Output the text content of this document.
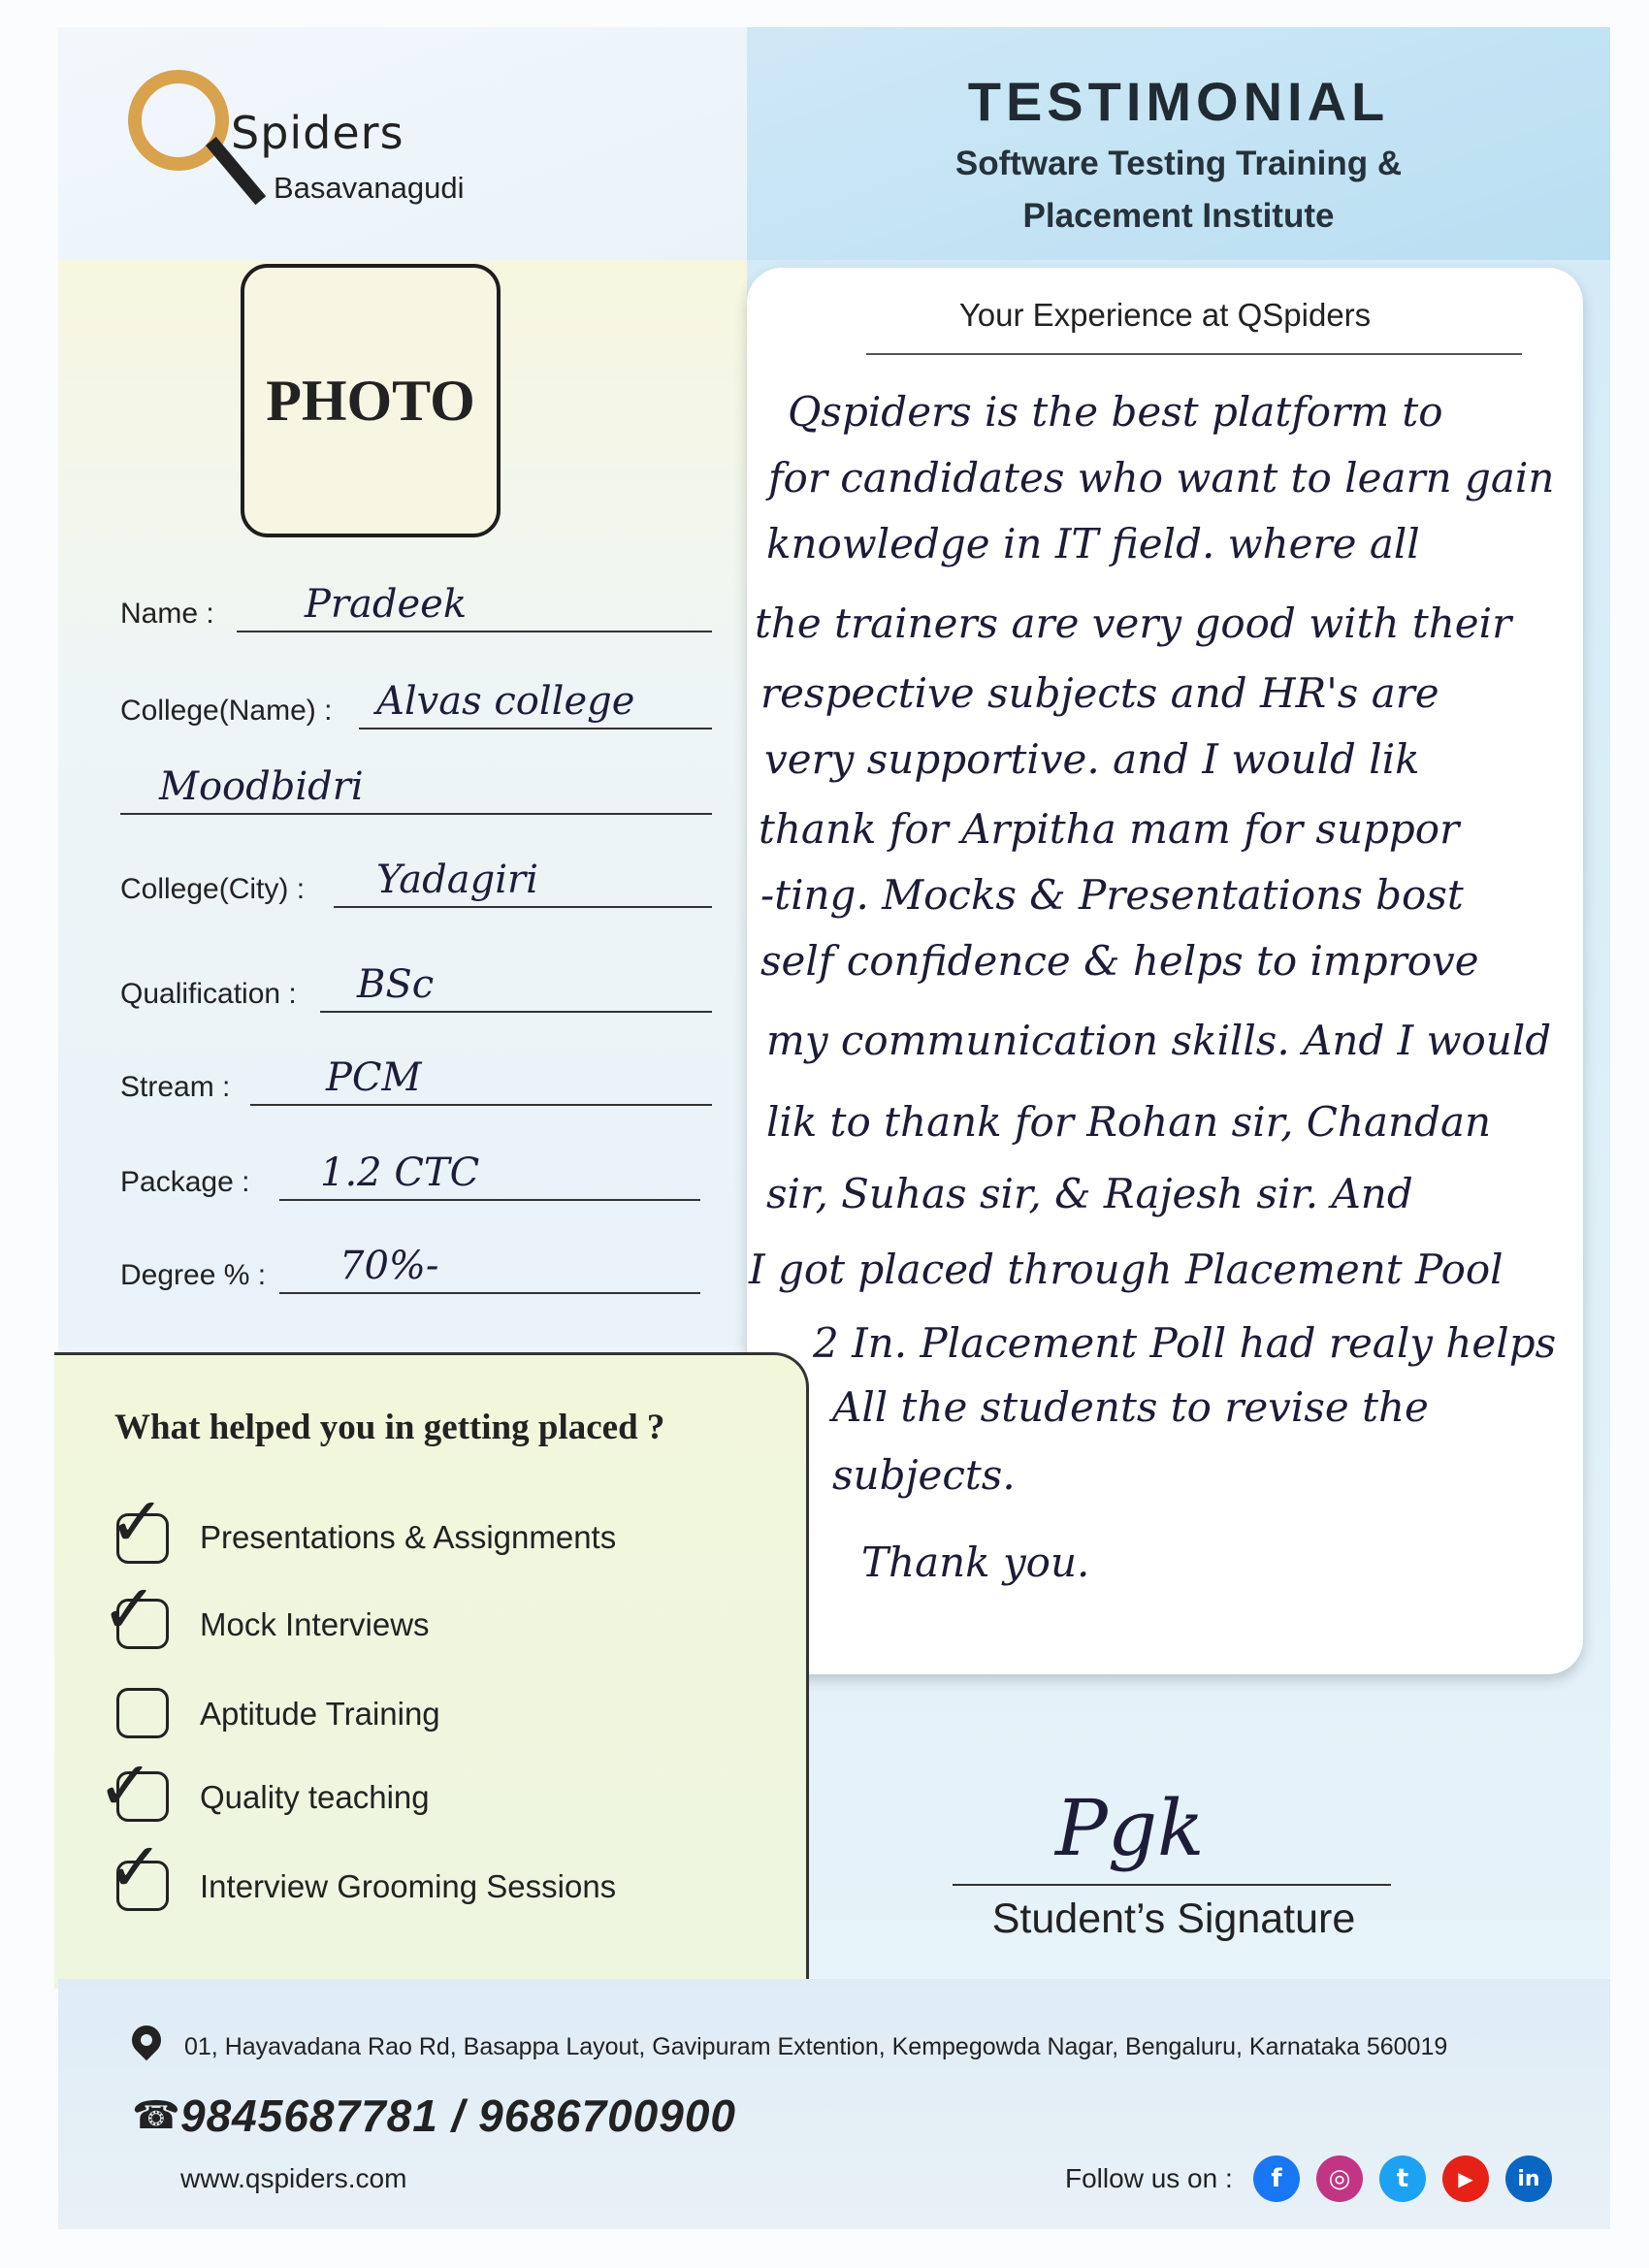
Spiders
Basavanagudi
TESTIMONIAL
Software Testing Training &
Placement Institute
PHOTO
Name : Pradeek
College(Name) : Alvas college
Moodbidri
College(City) : Yadagiri
Qualification : BSc
Stream : PCM
Package : 1.2 CTC
Degree % : 70%-
Your Experience at QSpiders
Qspiders is the best platform to
for candidates who want to learn gain
knowledge in IT field. where all
the trainers are very good with their
respective subjects and HR's are
very supportive. and I would lik
thank for Arpitha mam for suppor
-ting. Mocks & Presentations bost
self confidence & helps to improve
my communication skills. And I would
lik to thank for Rohan sir, Chandan
sir, Suhas sir, & Rajesh sir. And
I got placed through Placement Pool
2 In. Placement Poll had realy helps
All the students to revise the
subjects.
Thank you.
What helped you in getting placed ?
✓ Presentations & Assignments
✓ Mock Interviews
Aptitude Training
✓ Quality teaching
✓ Interview Grooming Sessions
Pgk
Student’s Signature
01, Hayavadana Rao Rd, Basappa Layout, Gavipuram Extention, Kempegowda Nagar, Bengaluru, Karnataka 560019
☎ 9845687781 / 9686700900
www.qspiders.com	Follow us on :	f	◎	t	▶	in
